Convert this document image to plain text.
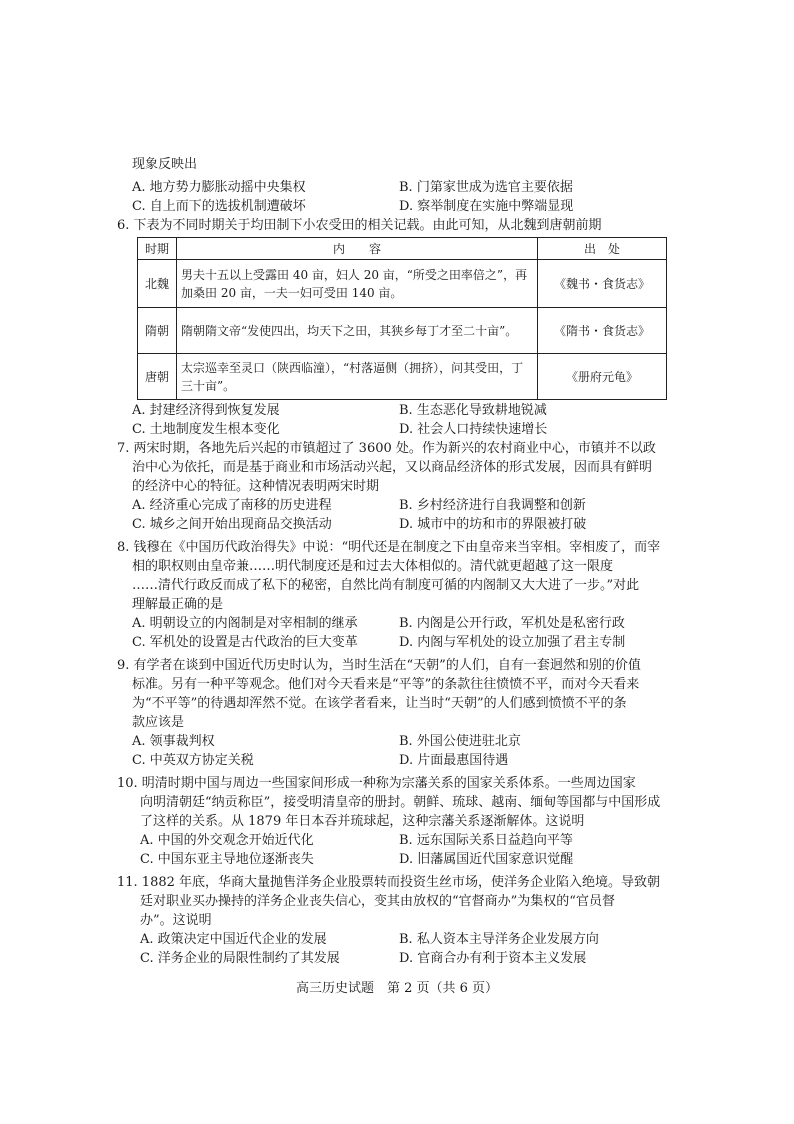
现象反映出
A. 地方势力膨胀动摇中央集权	B. 门第家世成为选官主要依据
C. 自上而下的选拔机制遭破坏	D. 察举制度在实施中弊端显现
6. 下表为不同时期关于均田制下小农受田的相关记载。由此可知，从北魏到唐朝前期
时期	内　　容	出　处
北魏	男夫十五以上受露田 40 亩，妇人 20 亩，“所受之田率倍之”，再加桑田 20 亩，一夫一妇可受田 140 亩。	《魏书・食货志》
隋朝	隋朝隋文帝“发使四出，均天下之田，其狭乡每丁才至二十亩”。	《隋书・食货志》
唐朝	太宗巡幸至灵口（陕西临潼），“村落逼侧（拥挤），问其受田，丁三十亩”。	《册府元龟》
A. 封建经济得到恢复发展	B. 生态恶化导致耕地锐减
C. 土地制度发生根本变化	D. 社会人口持续快速增长
7. 两宋时期，各地先后兴起的市镇超过了 3600 处。作为新兴的农村商业中心，市镇并不以政
治中心为依托，而是基于商业和市场活动兴起，又以商品经济体的形式发展，因而具有鲜明
的经济中心的特征。这种情况表明两宋时期
A. 经济重心完成了南移的历史进程	B. 乡村经济进行自我调整和创新
C. 城乡之间开始出现商品交换活动	D. 城市中的坊和市的界限被打破
8. 钱穆在《中国历代政治得失》中说：“明代还是在制度之下由皇帝来当宰相。宰相废了，而宰
相的职权则由皇帝兼……明代制度还是和过去大体相似的。清代就更超越了这一限度
……清代行政反而成了私下的秘密，自然比尚有制度可循的内阁制又大大进了一步。”对此
理解最正确的是
A. 明朝设立的内阁制是对宰相制的继承	B. 内阁是公开行政，军机处是私密行政
C. 军机处的设置是古代政治的巨大变革	D. 内阁与军机处的设立加强了君主专制
9. 有学者在谈到中国近代历史时认为，当时生活在“天朝”的人们，自有一套迥然和别的价值
标准。另有一种平等观念。他们对今天看来是“平等”的条款往往愤愤不平，而对今天看来
为“不平等”的待遇却浑然不觉。在该学者看来，让当时“天朝”的人们感到愤愤不平的条
款应该是
A. 领事裁判权	B. 外国公使进驻北京
C. 中英双方协定关税	D. 片面最惠国待遇
10. 明清时期中国与周边一些国家间形成一种称为宗藩关系的国家关系体系。一些周边国家
向明清朝廷“纳贡称臣”，接受明清皇帝的册封。朝鲜、琉球、越南、缅甸等国都与中国形成
了这样的关系。从 1879 年日本吞并琉球起，这种宗藩关系逐渐解体。这说明
A. 中国的外交观念开始近代化	B. 远东国际关系日益趋向平等
C. 中国东亚主导地位逐渐丧失	D. 旧藩属国近代国家意识觉醒
11. 1882 年底，华商大量抛售洋务企业股票转而投资生丝市场，使洋务企业陷入绝境。导致朝
廷对职业买办操持的洋务企业丧失信心，变其由放权的“官督商办”为集权的“官员督
办”。这说明
A. 政策决定中国近代企业的发展	B. 私人资本主导洋务企业发展方向
C. 洋务企业的局限性制约了其发展	D. 官商合办有利于资本主义发展
高三历史试题　第 2 页（共 6 页）
